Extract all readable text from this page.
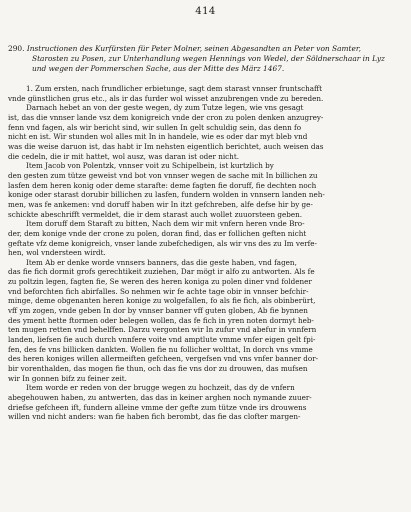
414
290. Instructionen des Kurfürsten für Peter Molner, seinen Abgesandten an Peter von Samter,
Starosten zu Posen, zur Unterhandlung wegen Hennings von Wedel, der Söldnerschaar in Lyz
und wegen der Pommerschen Sache, aus der Mitte des März 1467.
1. Zum ersten, nach frundlicher erbietunge, sagt dem starast vnnser fruntschafft
vnde günstlichen grus etc., als ir das furder wol wisset anzubrengen vnde zu bereden.
Darnach hebet an von der geste wegen, dy zum Tutze legen, wie vns gesagt
ist, das die vnnser lande vsz dem konigreich vnde der cron zu polen denken anzugrey-
fenn vnd fagen, als wir bericht sind, wir sullen In gelt schuldig sein, das denn fo
nicht en ist. Wir stunden wol alles mit In in handele, wie es oder dar myt bleb vnd
was die weise daruon ist, das habt ir Im nehsten eigentlich berichtet, auch weisen das
die cedeln, die ir mit hattet, wol ausz, was daran ist oder nicht.
Item Jacob von Polentzk, vnnser voit zu Schipelbein, ist kurtzlich by
den gesten zum tütze geweist vnd bot von vnnser wegen de sache mit In billichen zu
lasfen dem heren konig oder deme starafte: deme fagten fie doruff, fie dechten noch
konige oder starast dorubir billichen zu lasfen, fundern wolden in vnnsern landen neh-
men, was fe ankemen: vnd doruff haben wir In itzt gefchreben, alfe defse hir by ge-
schickte abeschrifft vermeldet, die ir dem starast auch wollet zuuorsteen geben.
Item doruff dem Staraft zu bitten, Nach dem wir mit vnfern heren vnde Bro-
der, dem konige vnde der crone zu polen, doran find, das er follichen geften nicht
geftate vfz deme konigreich, vnser lande zubefchedigen, als wir vns des zu Im verfe-
hen, wol vndersteen wirdt.
Item Ab er denke worde vnnsers banners, das die geste haben, vnd fagen,
das fie fich dormit grofs gerechtikeit zuziehen, Dar mögt ir alfo zu antworten. Als fe
zu poltzin legen, fagten fie, Se weren des heren koniga zu polen diner vnd foldener
vnd beforchten fich abirfalles. So nehmen wir fe achte tage obir in vnnser befchir-
minge, deme obgenanten heren konige zu wolgefallen, fo als fie fich, als obinberürt,
vff ym zogen, vnde geben In dor by vnnser banner vff guten globen, Ab fie bynnen
des yment hette ftormen oder belegen wollen, das fe fich in yren noten dormyt heb-
ten mugen retten vnd behelffen. Darzu vergonten wir In zufur vnd abefur in vnnfern
landen, liefsen fie auch durch vnnfere voite vnd amptlute vmme vnfer eigen gelt fpi-
fen, des fe vns billicken dankten. Wollen fie nu follicher wolttat, In dorch vns vmme
des heren koniges willen allermeiften gefcheen, vergefsen vnd vns vnfer banner dor-
bir vorenthalden, das mogen fie thun, och das fie vns dor zu drouwen, das mufsen
wir In gonnen bifz zu feiner zeit.
Item worde er reden von der brugge wegen zu hochzeit, das dy de vnfern
abegehouwen haben, zu antwerten, das das in keiner arghen noch nymande zuuer-
driefse gefcheen ift, fundern alleine vmme der gefte zum tütze vnde irs drouwens
willen vnd nicht anders: wan fie haben fich berombt, das fie das clofter margen-
